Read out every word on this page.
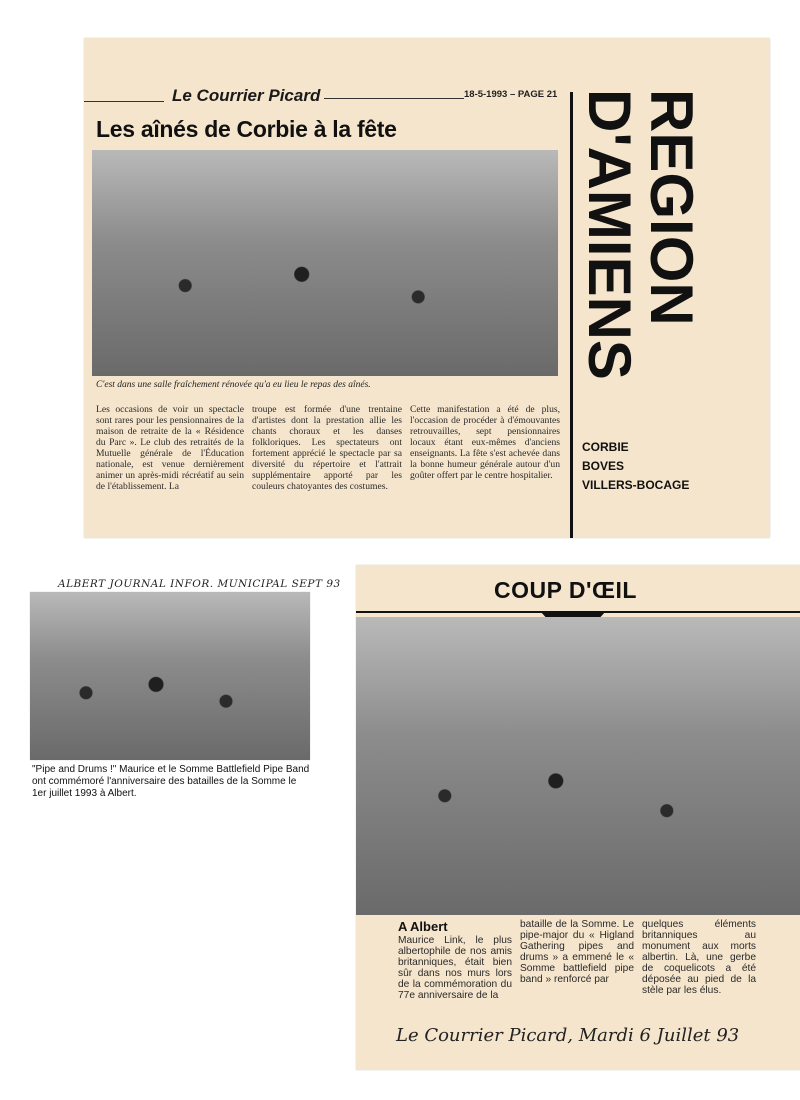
Le Courrier Picard	18-5-1993 – PAGE 21
Les aînés de Corbie à la fête
C'est dans une salle fraîchement rénovée qu'a eu lieu le repas des aînés.
Les occasions de voir un spectacle sont rares pour les pensionnaires de la maison de retraite de la « Résidence du Parc ». Le club des retraités de la Mutuelle générale de l'Éducation nationale, est venue dernièrement animer un après-midi récréatif au sein de l'établissement. La
troupe est formée d'une trentaine d'artistes dont la prestation allie les chants choraux et les danses folkloriques. Les spectateurs ont fortement apprécié le spectacle par sa diversité du répertoire et l'attrait supplémentaire apporté par les couleurs chatoyantes des costumes.
Cette manifestation a été de plus, l'occasion de procéder à d'émouvantes retrouvailles, sept pensionnaires locaux étant eux-mêmes d'anciens enseignants. La fête s'est achevée dans la bonne humeur générale autour d'un goûter offert par le centre hospitalier.
REGION D'AMIENS
CORBIE
BOVES
VILLERS-BOCAGE
ALBERT JOURNAL INFOR. MUNICIPAL SEPT 93
"Pipe and Drums !" Maurice et le Somme Battlefield Pipe Band ont commémoré l'anniversaire des batailles de la Somme le 1er juillet 1993 à Albert.
COUP D'ŒIL
A Albert
Maurice Link, le plus albertophile de nos amis britanniques, était bien sûr dans nos murs lors de la commémoration du 77e anniversaire de la
bataille de la Somme. Le pipe-major du « Higland Gathering pipes and drums » a emmené le « Somme battlefield pipe band » renforcé par
quelques éléments britanniques au monument aux morts albertin. Là, une gerbe de coquelicots a été déposée au pied de la stèle par les élus.
Le Courrier Picard, Mardi 6 Juillet 93
